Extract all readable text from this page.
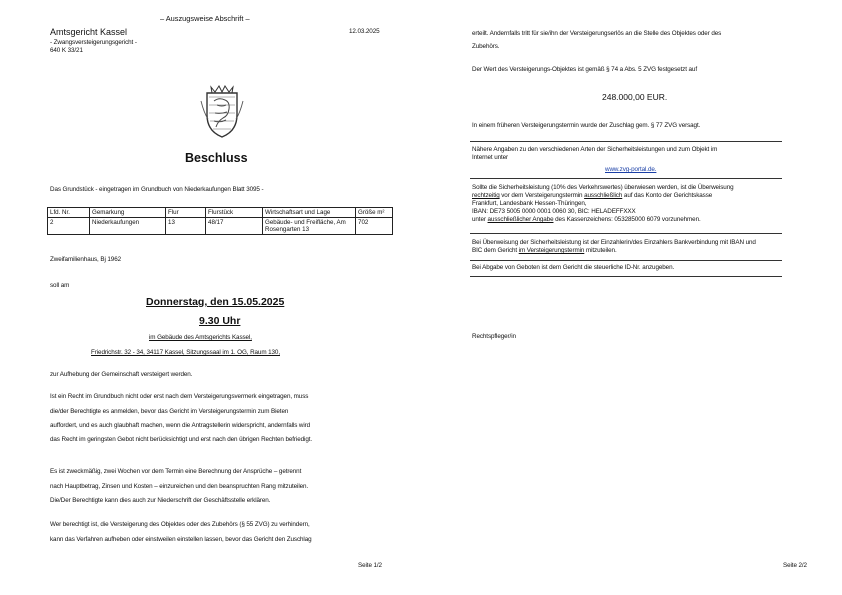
– Auszugsweise Abschrift –
Amtsgericht Kassel
- Zwangsversteigerungsgericht -
640 K 33/21
12.03.2025
Beschluss
Das Grundstück - eingetragen im Grundbuch von Niederkaufungen Blatt 3095 -
Lfd. Nr.	Gemarkung	Flur	Flurstück	Wirtschaftsart und Lage	Größe m²
2	Niederkaufungen	13	48/17	Gebäude- und Freifläche, Am Rosengarten 13	702
Zweifamilienhaus, Bj 1962
soll am
Donnerstag, den 15.05.2025
9.30 Uhr
im Gebäude des Amtsgerichts Kassel,
Friedrichstr. 32 - 34, 34117 Kassel, Sitzungssaal im 1. OG, Raum 130,
zur Aufhebung der Gemeinschaft versteigert werden.
Ist ein Recht im Grundbuch nicht oder erst nach dem Versteigerungsvermerk eingetragen, muss
die/der Berechtigte es anmelden, bevor das Gericht im Versteigerungstermin zum Bieten
auffordert, und es auch glaubhaft machen, wenn die Antragstellerin widerspricht, andernfalls wird
das Recht im geringsten Gebot nicht berücksichtigt und erst nach den übrigen Rechten befriedigt.
Es ist zweckmäßig, zwei Wochen vor dem Termin eine Berechnung der Ansprüche – getrennt
nach Hauptbetrag, Zinsen und Kosten – einzureichen und den beanspruchten Rang mitzuteilen.
Die/Der Berechtigte kann dies auch zur Niederschrift der Geschäftsstelle erklären.
Wer berechtigt ist, die Versteigerung des Objektes oder des Zubehörs (§ 55 ZVG) zu verhindern,
kann das Verfahren aufheben oder einstweilen einstellen lassen, bevor das Gericht den Zuschlag
Seite 1/2
erteilt. Andernfalls tritt für sie/ihn der Versteigerungserlös an die Stelle des Objektes oder des
Zubehörs.
Der Wert des Versteigerungs-Objektes ist gemäß § 74 a Abs. 5 ZVG festgesetzt auf
248.000,00 EUR.
In einem früheren Versteigerungstermin wurde der Zuschlag gem. § 77 ZVG versagt.
Nähere Angaben zu den verschiedenen Arten der Sicherheitsleistungen und zum Objekt im
Internet unter
www.zvg-portal.de.
Sollte die Sicherheitsleistung (10% des Verkehrswertes) überwiesen werden, ist die Überweisung
rechtzeitig vor dem Versteigerungstermin ausschließlich auf das Konto der Gerichtskasse
Frankfurt, Landesbank Hessen-Thüringen,
IBAN: DE73 5005 0000 0001 0060 30, BIC: HELADEFFXXX
unter ausschließlicher Angabe des Kassenzeichens: 053285000 6079 vorzunehmen.
Bei Überweisung der Sicherheitsleistung ist der Einzahlerin/des Einzahlers Bankverbindung mit IBAN und
BIC dem Gericht im Versteigerungstermin mitzuteilen.
Bei Abgabe von Geboten ist dem Gericht die steuerliche ID-Nr. anzugeben.
Rechtspfleger/in
Seite 2/2
